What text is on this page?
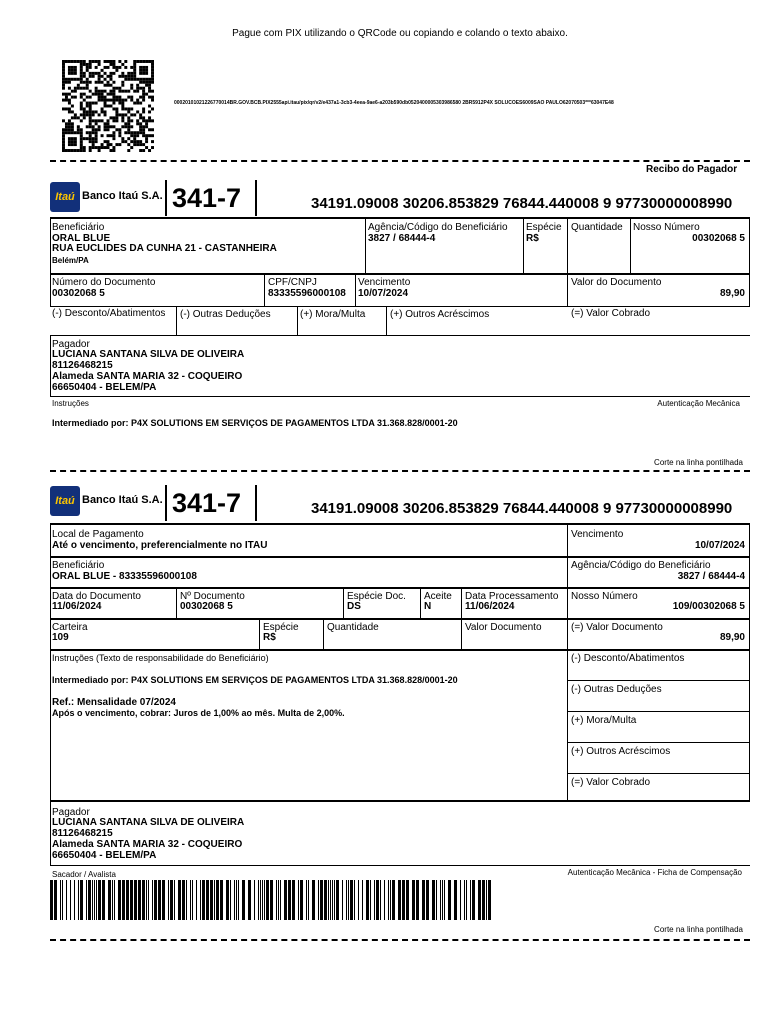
Pague com PIX utilizando o QRCode ou copiando e colando o texto abaixo.
00020101021226770014BR.GOV.BCB.PIX2555api.itau/pix/qr/v2/e437a1-3cb3-4eea-9ae6-a203b590db0520400005303986580 2BR5912P4X SOLUCOES6009SAO PAULO62070503***63047E48
Recibo do Pagador
Itaú Banco Itaú S.A. 341-7	34191.09008 30206.853829 76844.440008 9 97730000008990
Beneficiário
ORAL BLUE
RUA EUCLIDES DA CUNHA 21 - CASTANHEIRA
Belém/PA
Agência/Código do Beneficiário
3827 / 68444-4
Espécie
R$
Quantidade Nosso Número
00302068 5
Número do Documento
00302068 5
CPF/CNPJ
83335596000108
Vencimento
10/07/2024
Valor do Documento
89,90
(-) Desconto/Abatimentos (-) Outras Deduções	(+) Mora/Multa (+) Outros Acréscimos	(=) Valor Cobrado
Pagador
LUCIANA SANTANA SILVA DE OLIVEIRA
81126468215
Alameda SANTA MARIA 32 - COQUEIRO
66650404 - BELEM/PA
Instruções	Autenticação Mecânica
Intermediado por: P4X SOLUTIONS EM SERVIÇOS DE PAGAMENTOS LTDA 31.368.828/0001-20
Corte na linha pontilhada
Itaú Banco Itaú S.A. 341-7	34191.09008 30206.853829 76844.440008 9 97730000008990
Local de Pagamento
Até o vencimento, preferencialmente no ITAU
Vencimento
10/07/2024
Beneficiário
ORAL BLUE - 83335596000108
Agência/Código do Beneficiário
3827 / 68444-4
Data do Documento
11/06/2024
Nº Documento
00302068 5
Espécie Doc.
DS
Aceite
N
Data Processamento
11/06/2024
Nosso Número
109/00302068 5
Carteira
109
Espécie
R$
Quantidade	Valor Documento	(=) Valor Documento
89,90
Instruções (Texto de responsabilidade do Beneficiário)
Intermediado por: P4X SOLUTIONS EM SERVIÇOS DE PAGAMENTOS LTDA 31.368.828/0001-20
Ref.: Mensalidade 07/2024
Após o vencimento, cobrar: Juros de 1,00% ao mês. Multa de 2,00%.
(-) Desconto/Abatimentos
(-) Outras Deduções
(+) Mora/Multa
(+) Outros Acréscimos
(=) Valor Cobrado
Pagador
LUCIANA SANTANA SILVA DE OLIVEIRA
81126468215
Alameda SANTA MARIA 32 - COQUEIRO
66650404 - BELEM/PA
Sacador / Avalista	Autenticação Mecânica - Ficha de Compensação
Corte na linha pontilhada
